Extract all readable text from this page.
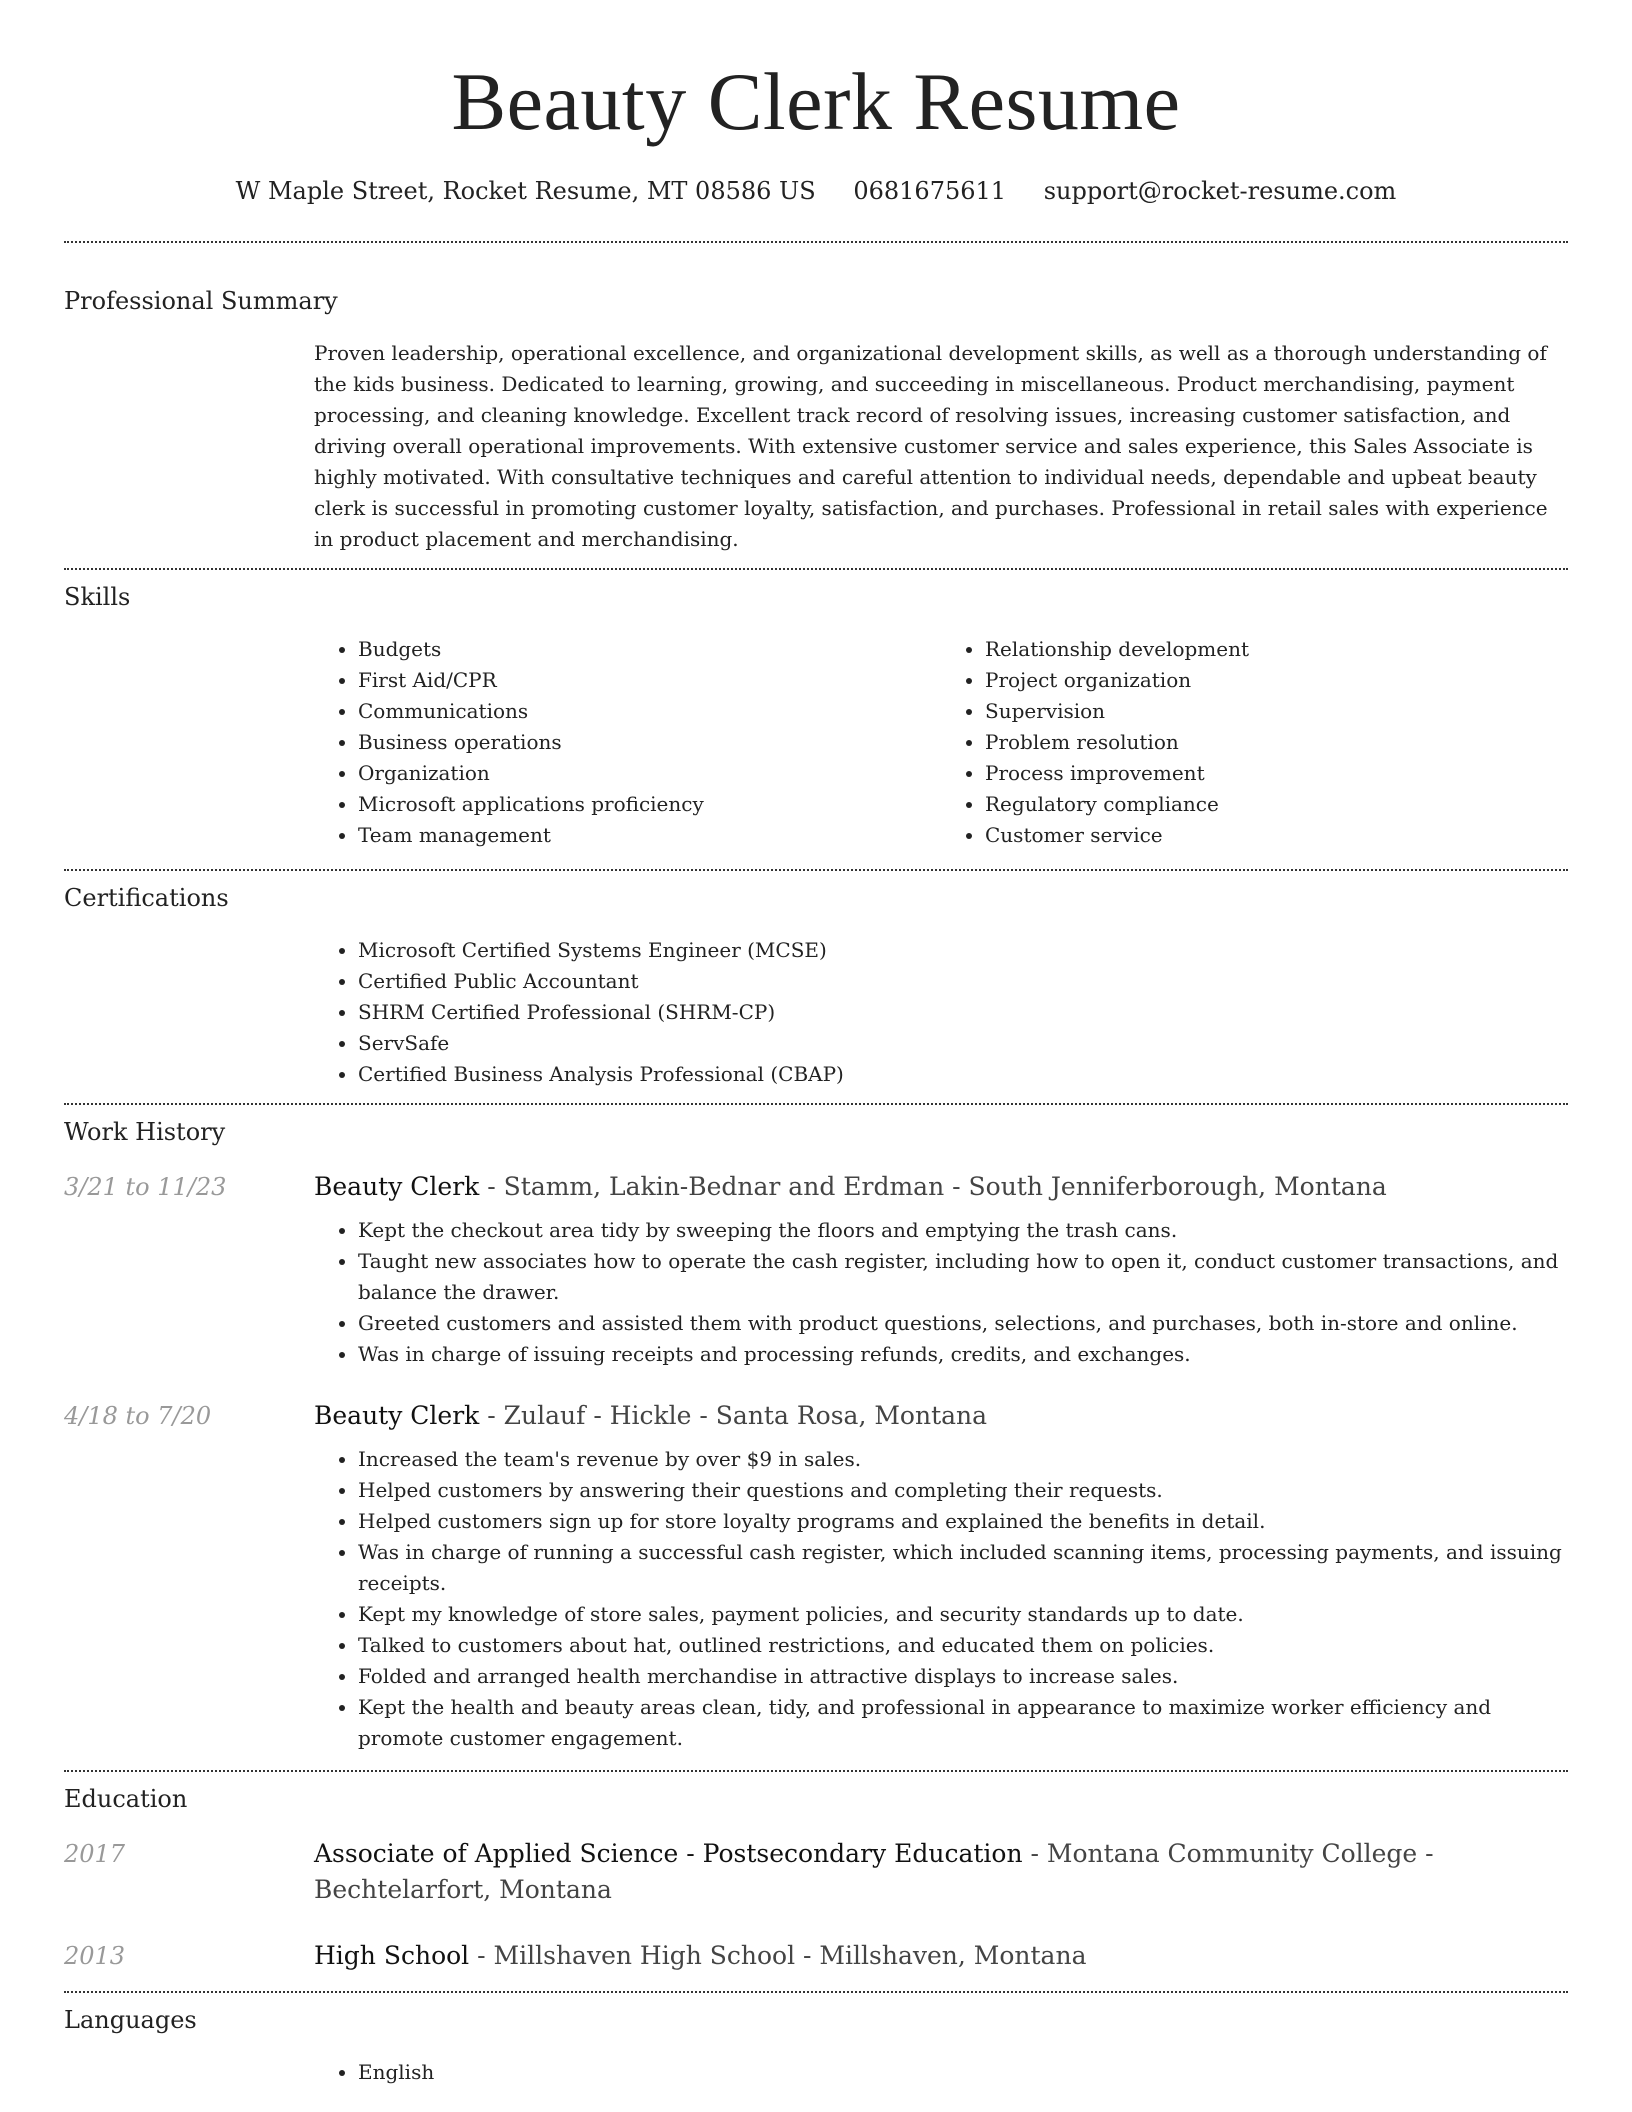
Beauty Clerk Resume
W Maple Street, Rocket Resume, MT 08586 US 0681675611 support@rocket-resume.com
Professional Summary

Proven leadership, operational excellence, and organizational development skills, as well as a thorough understanding of the kids business. Dedicated to learning, growing, and succeeding in miscellaneous. Product merchandising, payment processing, and cleaning knowledge. Excellent track record of resolving issues, increasing customer satisfaction, and driving overall operational improvements. With extensive customer service and sales experience, this Sales Associate is highly motivated. With consultative techniques and careful attention to individual needs, dependable and upbeat beauty clerk is successful in promoting customer loyalty, satisfaction, and purchases. Professional in retail sales with experience in product placement and merchandising.

Skills
• Budgets
• First Aid/CPR
• Communications
• Business operations
• Organization
• Microsoft applications proficiency
• Team management
• Relationship development
• Project organization
• Supervision
• Problem resolution
• Process improvement
• Regulatory compliance
• Customer service
Certifications
• Microsoft Certified Systems Engineer (MCSE)
• Certified Public Accountant
• SHRM Certified Professional (SHRM-CP)
• ServSafe
• Certified Business Analysis Professional (CBAP)
Work History
3/21 to 11/23	Beauty Clerk - Stamm, Lakin-Bednar and Erdman - South Jenniferborough, Montana

• Kept the checkout area tidy by sweeping the floors and emptying the trash cans.
• Taught new associates how to operate the cash register, including how to open it, conduct customer transactions, and balance the drawer.
• Greeted customers and assisted them with product questions, selections, and purchases, both in-store and online.
• Was in charge of issuing receipts and processing refunds, credits, and exchanges.
4/18 to 7/20	Beauty Clerk - Zulauf - Hickle - Santa Rosa, Montana

• Increased the team's revenue by over $9 in sales.
• Helped customers by answering their questions and completing their requests.
• Helped customers sign up for store loyalty programs and explained the benefits in detail.
• Was in charge of running a successful cash register, which included scanning items, processing payments, and issuing receipts.
• Kept my knowledge of store sales, payment policies, and security standards up to date.
• Talked to customers about hat, outlined restrictions, and educated them on policies.
• Folded and arranged health merchandise in attractive displays to increase sales.
• Kept the health and beauty areas clean, tidy, and professional in appearance to maximize worker efficiency and promote customer engagement.
Education
2017	Associate of Applied Science - Postsecondary Education - Montana Community College - Bechtelarfort, Montana

2013	High School - Millshaven High School - Millshaven, Montana

Languages
• English
